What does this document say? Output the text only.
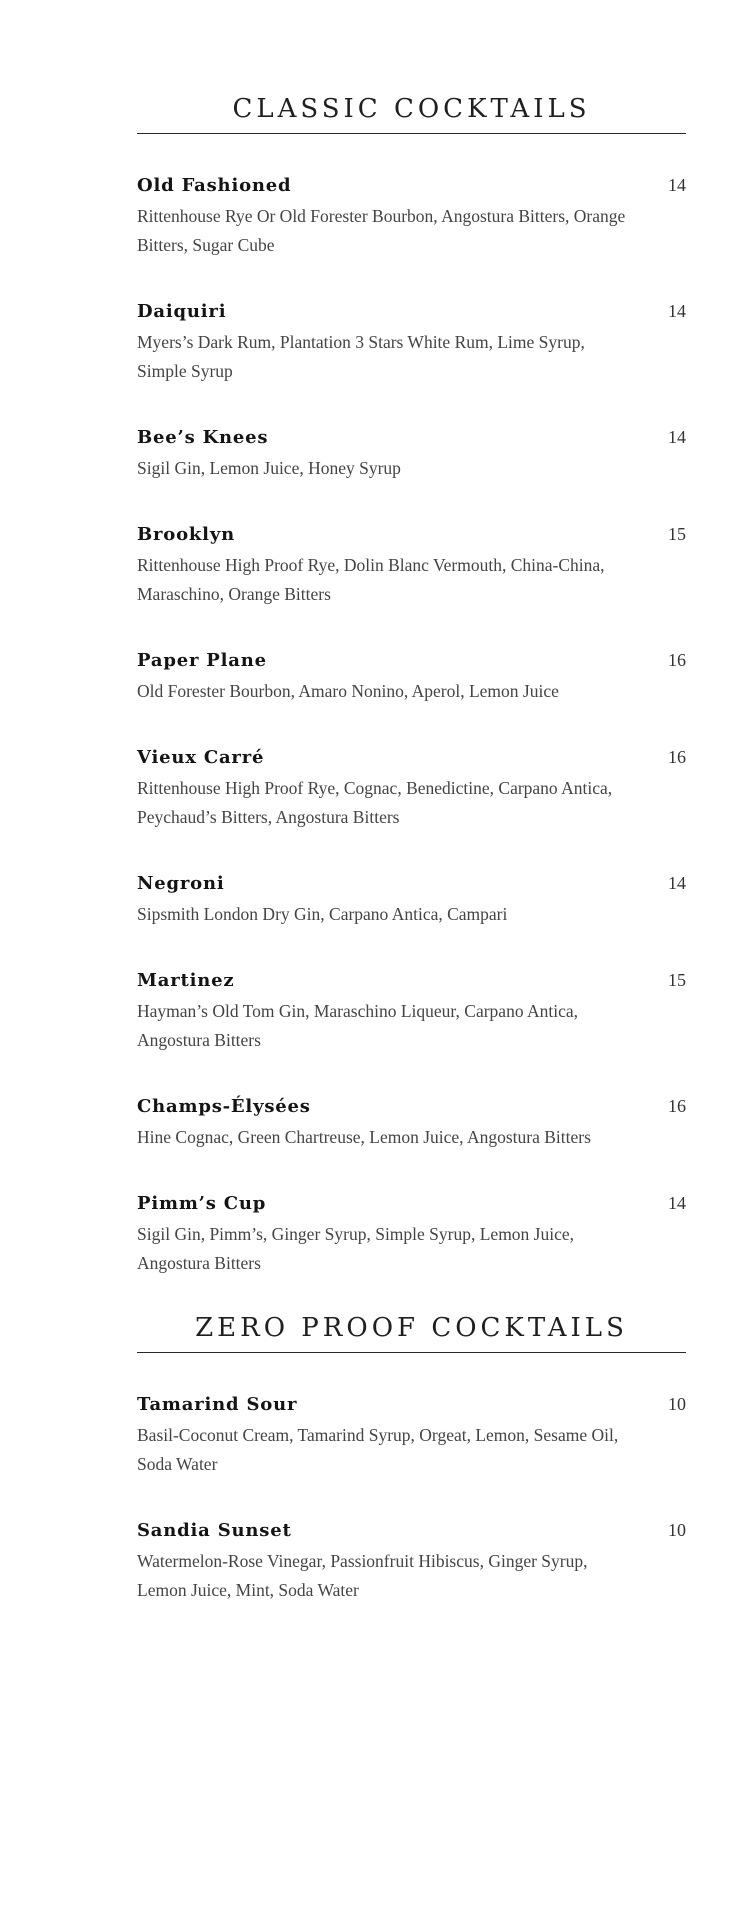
CLASSIC COCKTAILS
Old Fashioned	14
Rittenhouse Rye Or Old Forester Bourbon, Angostura Bitters, Orange Bitters, Sugar Cube
Daiquiri	14
Myers’s Dark Rum, Plantation 3 Stars White Rum, Lime Syrup, Simple Syrup
Bee’s Knees	14
Sigil Gin, Lemon Juice, Honey Syrup
Brooklyn	15
Rittenhouse High Proof Rye, Dolin Blanc Vermouth, China-China, Maraschino, Orange Bitters
Paper Plane	16
Old Forester Bourbon, Amaro Nonino, Aperol, Lemon Juice
Vieux Carré	16
Rittenhouse High Proof Rye, Cognac, Benedictine, Carpano Antica, Peychaud’s Bitters, Angostura Bitters
Negroni	14
Sipsmith London Dry Gin, Carpano Antica, Campari
Martinez	15
Hayman’s Old Tom Gin, Maraschino Liqueur, Carpano Antica, Angostura Bitters
Champs-Élysées	16
Hine Cognac, Green Chartreuse, Lemon Juice, Angostura Bitters
Pimm’s Cup	14
Sigil Gin, Pimm’s, Ginger Syrup, Simple Syrup, Lemon Juice, Angostura Bitters
ZERO PROOF COCKTAILS
Tamarind Sour	10
Basil-Coconut Cream, Tamarind Syrup, Orgeat, Lemon, Sesame Oil, Soda Water
Sandia Sunset	10
Watermelon-Rose Vinegar, Passionfruit Hibiscus, Ginger Syrup, Lemon Juice, Mint, Soda Water
